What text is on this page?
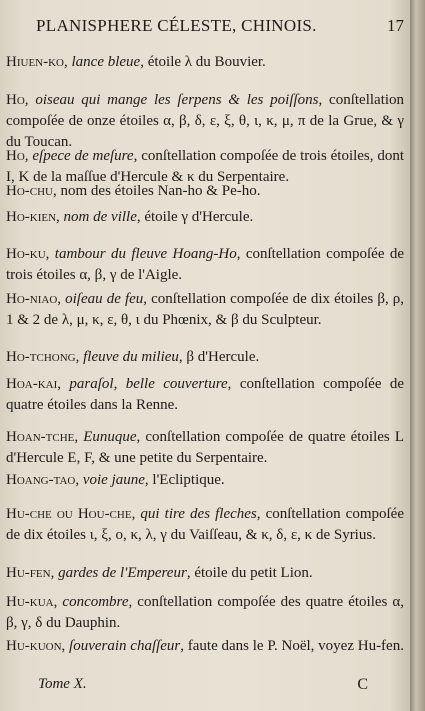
PLANISPHERE CÉLESTE, CHINOIS.	17

Hiuen-ko, lance bleue, étoile λ du Bouvier.

Ho, oiseau qui mange les ſerpens & les poiſſons, conſtellation compoſée de onze étoiles α, β, δ, ε, ξ, θ, ι, κ, μ, π de la Grue, & γ du Toucan.

Ho, eſpece de meſure, conſtellation compoſée de trois étoiles, dont I, K de la maſſue d'Hercule & κ du Serpentaire.

Ho-chu, nom des étoiles Nan-ho & Pe-ho.

Ho-kien, nom de ville, étoile γ d'Hercule.

Ho-ku, tambour du fleuve Hoang-Ho, conſtellation compoſée de trois étoiles α, β, γ de l'Aigle.

Ho-niao, oiſeau de feu, conſtellation compoſée de dix étoiles β, ρ, 1 & 2 de λ, μ, κ, ε, θ, ι du Phœnix, & β du Sculpteur.

Ho-tchong, fleuve du milieu, β d'Hercule.

Hoa-kai, paraſol, belle couverture, conſtellation compoſée de quatre étoiles dans la Renne.

Hoan-tche, Eunuque, conſtellation compoſée de quatre étoiles L d'Hercule E, F, & une petite du Serpentaire.

Hoang-tao, voie jaune, l'Ecliptique.

Hu-che ou Hou-che, qui tire des fleches, conſtellation compoſée de dix étoiles ι, ξ, ο, κ, λ, γ du Vaiſſeau, & κ, δ, ε, κ de Syrius.

Hu-fen, gardes de l'Empereur, étoile du petit Lion.

Hu-kua, concombre, conſtellation compoſée des quatre étoiles α, β, γ, δ du Dauphin.

Hu-kuon, ſouverain chaſſeur, faute dans le P. Noël, voyez Hu-fen.

Tome X.	C
